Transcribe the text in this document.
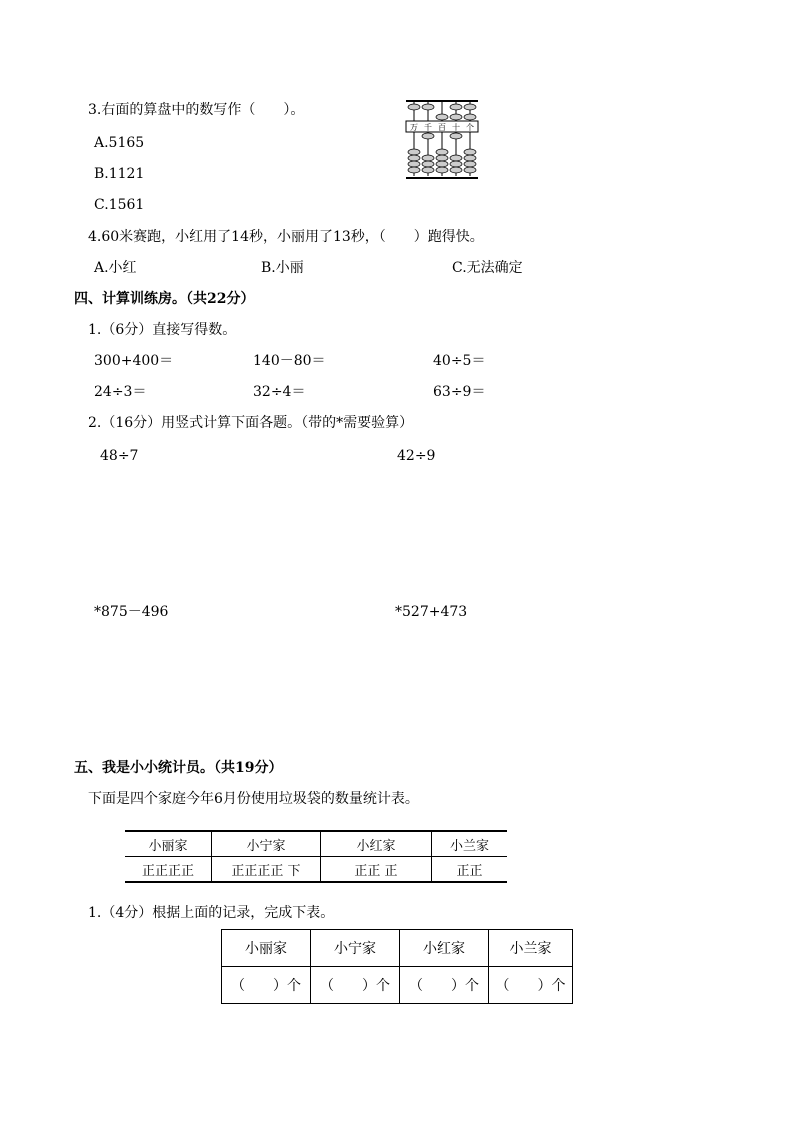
3.右面的算盘中的数写作（　　）。
A.5165
B.1121
C.1561
万 千 百 十 个
4.60米赛跑，小红用了14秒，小丽用了13秒，（　　）跑得快。
A.小红	B.小丽	C.无法确定
四、计算训练房。（共22分）
1.（6分）直接写得数。
300+400＝	140－80＝	40÷5＝
24÷3＝	32÷4＝	63÷9＝
2.（16分）用竖式计算下面各题。（带的*需要验算）
48÷7	42÷9
*875－496	*527+473
五、我是小小统计员。（共19分）
下面是四个家庭今年6月份使用垃圾袋的数量统计表。
小丽家	小宁家	小红家	小兰家
正正正正	正正正正 下	正正 正	正正
1.（4分）根据上面的记录，完成下表。
小丽家	小宁家	小红家	小兰家
（　　）个	（　　）个	（　　）个	（　　）个
